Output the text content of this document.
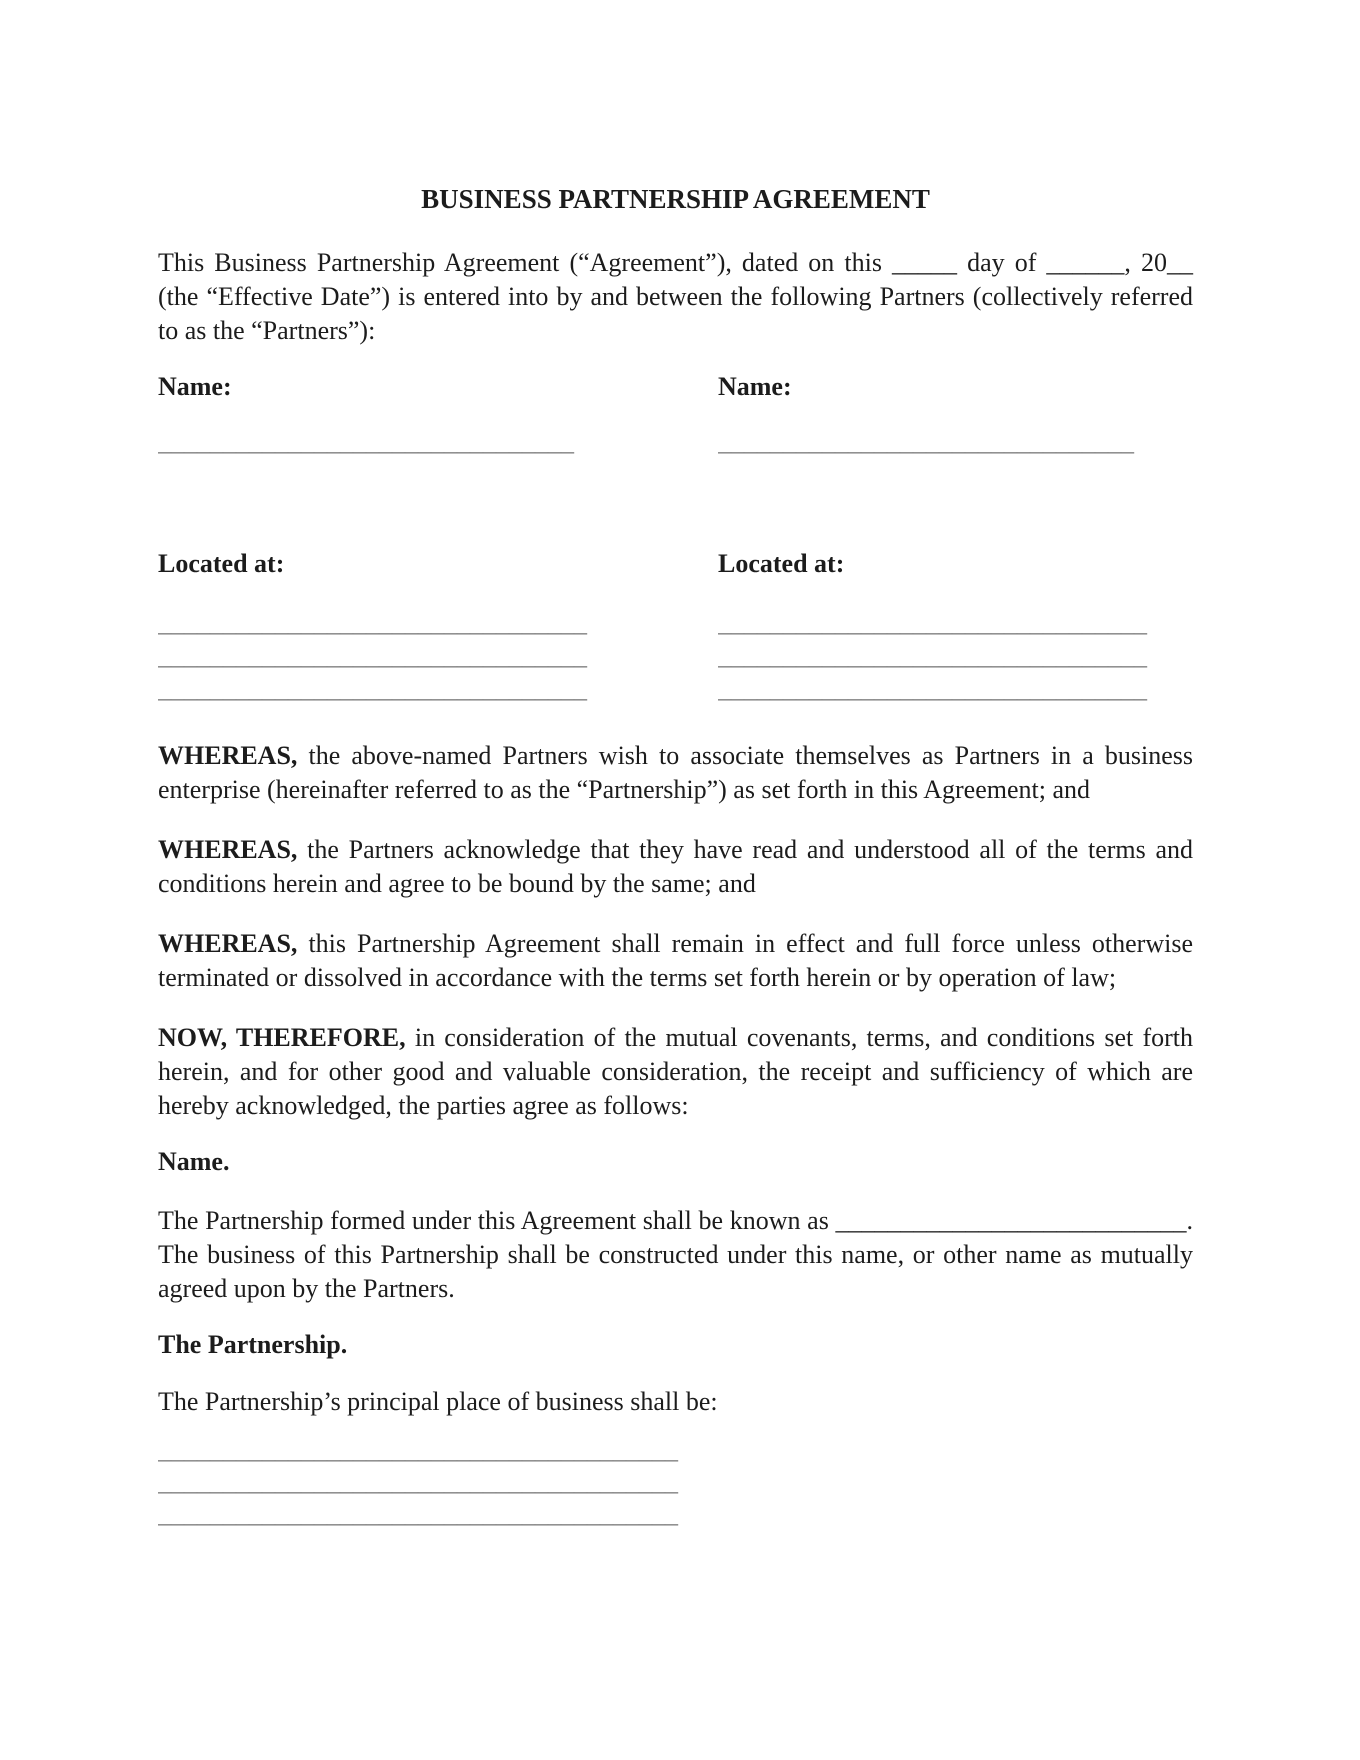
BUSINESS PARTNERSHIP AGREEMENT

This Business Partnership Agreement (“Agreement”), dated on this _____ day of ______, 20__ (the “Effective Date”) is entered into by and between the following Partners (collectively referred to as the “Partners”):

Name:	Name:
________________________________	________________________________
Located at:	Located at:
_________________________________
_________________________________
_________________________________
_________________________________
_________________________________
_________________________________

WHEREAS, the above-named Partners wish to associate themselves as Partners in a business enterprise (hereinafter referred to as the “Partnership”) as set forth in this Agreement; and

WHEREAS, the Partners acknowledge that they have read and understood all of the terms and conditions herein and agree to be bound by the same; and

WHEREAS, this Partnership Agreement shall remain in effect and full force unless otherwise terminated or dissolved in accordance with the terms set forth herein or by operation of law;

NOW, THEREFORE, in consideration of the mutual covenants, terms, and conditions set forth herein, and for other good and valuable consideration, the receipt and sufficiency of which are hereby acknowledged, the parties agree as follows:

Name.

The Partnership formed under this Agreement shall be known as ___________________________. The business of this Partnership shall be constructed under this name, or other name as mutually agreed upon by the Partners.

The Partnership.

The Partnership’s principal place of business shall be:

________________________________________
________________________________________
________________________________________
